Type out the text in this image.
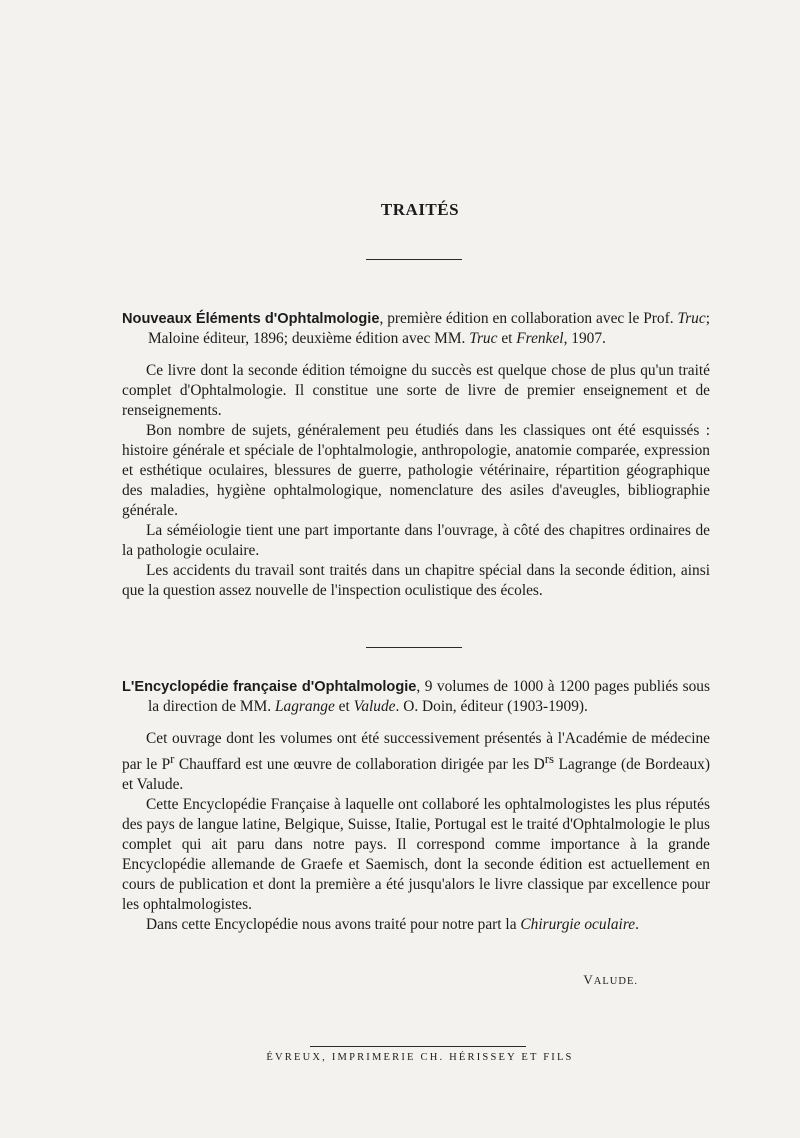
TRAITÉS

Nouveaux Éléments d'Ophtalmologie, première édition en collaboration avec le Prof. Truc; Maloine éditeur, 1896; deuxième édition avec MM. Truc et Frenkel, 1907.

Ce livre dont la seconde édition témoigne du succès est quelque chose de plus qu'un traité complet d'Ophtalmologie. Il constitue une sorte de livre de premier enseignement et de renseignements.

Bon nombre de sujets, généralement peu étudiés dans les classiques ont été esquissés : histoire générale et spéciale de l'ophtalmologie, anthropologie, anatomie comparée, expression et esthétique oculaires, blessures de guerre, pathologie vétérinaire, répartition géographique des maladies, hygiène ophtalmologique, nomenclature des asiles d'aveugles, bibliographie générale.

La séméiologie tient une part importante dans l'ouvrage, à côté des chapitres ordinaires de la pathologie oculaire.

Les accidents du travail sont traités dans un chapitre spécial dans la seconde édition, ainsi que la question assez nouvelle de l'inspection oculistique des écoles.

L'Encyclopédie française d'Ophtalmologie, 9 volumes de 1000 à 1200 pages publiés sous la direction de MM. Lagrange et Valude. O. Doin, éditeur (1903-1909).

Cet ouvrage dont les volumes ont été successivement présentés à l'Académie de médecine par le $P^r$ Chauffard est une œuvre de collaboration dirigée par les $D^{rs}$ Lagrange (de Bordeaux) et Valude.

Cette Encyclopédie Française à laquelle ont collaboré les ophtalmologistes les plus réputés des pays de langue latine, Belgique, Suisse, Italie, Portugal est le traité d'Ophtalmologie le plus complet qui ait paru dans notre pays. Il correspond comme importance à la grande Encyclopédie allemande de Graefe et Saemisch, dont la seconde édition est actuellement en cours de publication et dont la première a été jusqu'alors le livre classique par excellence pour les ophtalmologistes.

Dans cette Encyclopédie nous avons traité pour notre part la Chirurgie oculaire.

VALUDE.
ÉVREUX, IMPRIMERIE CH. HÉRISSEY ET FILS
